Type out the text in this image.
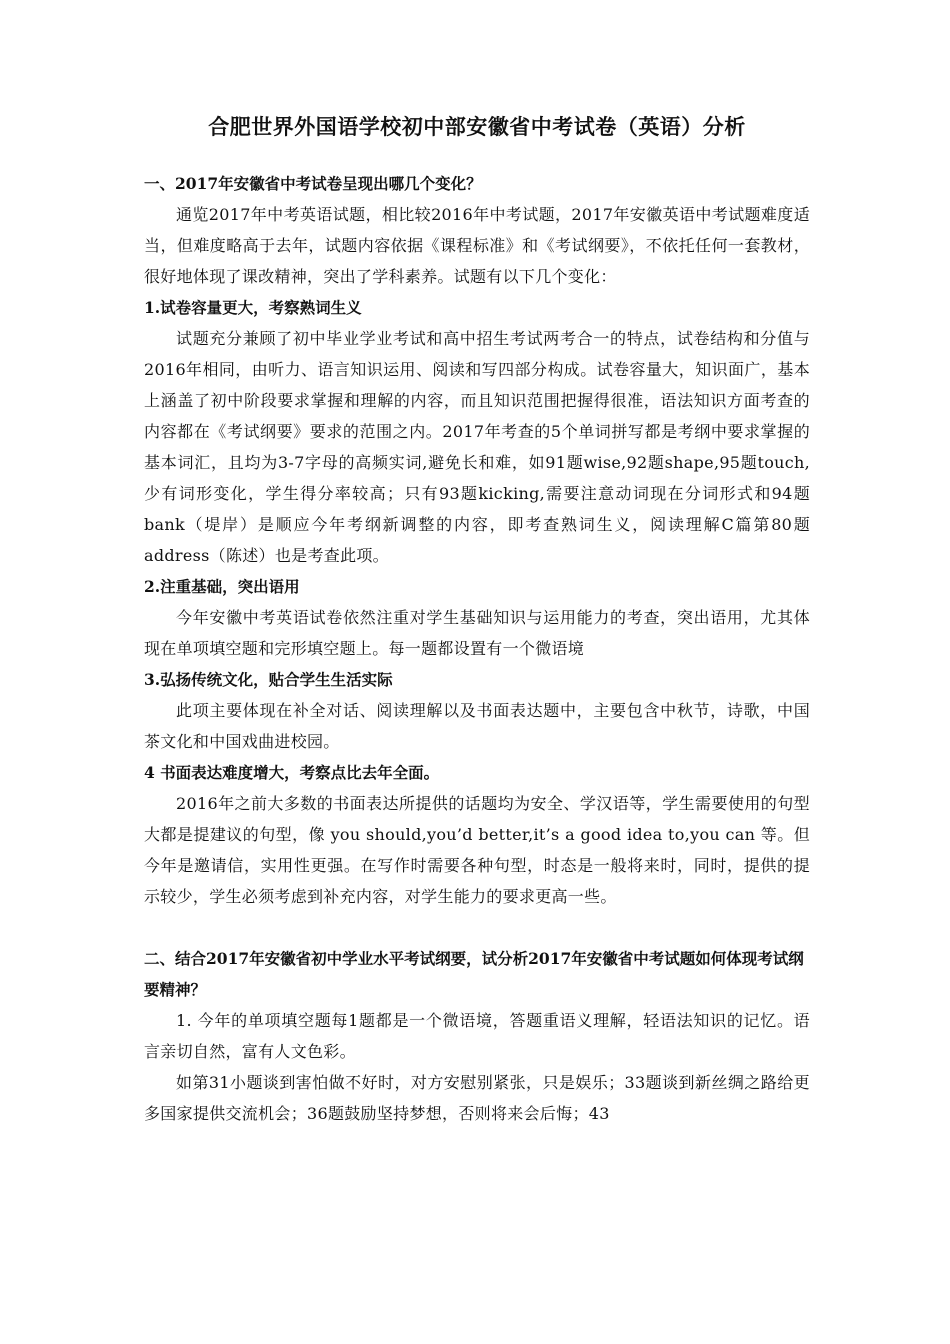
合肥世界外国语学校初中部安徽省中考试卷（英语）分析

一、2017年安徽省中考试卷呈现出哪几个变化？

通览2017年中考英语试题，相比较2016年中考试题，2017年安徽英语中考试题难度适当，但难度略高于去年，试题内容依据《课程标准》和《考试纲要》，不依托任何一套教材，很好地体现了课改精神，突出了学科素养。试题有以下几个变化：

1.试卷容量更大，考察熟词生义

试题充分兼顾了初中毕业学业考试和高中招生考试两考合一的特点，试卷结构和分值与2016年相同，由听力、语言知识运用、阅读和写四部分构成。试卷容量大，知识面广，基本上涵盖了初中阶段要求掌握和理解的内容，而且知识范围把握得很准，语法知识方面考查的内容都在《考试纲要》要求的范围之内。2017年考查的5个单词拼写都是考纲中要求掌握的基本词汇，且均为3-7字母的高频实词,避免长和难，如91题wise,92题shape,95题touch,少有词形变化，学生得分率较高；只有93题kicking,需要注意动词现在分词形式和94题bank（堤岸）是顺应今年考纲新调整的内容，即考查熟词生义，阅读理解C篇第80题address（陈述）也是考查此项。

2.注重基础，突出语用

今年安徽中考英语试卷依然注重对学生基础知识与运用能力的考查，突出语用，尤其体现在单项填空题和完形填空题上。每一题都设置有一个微语境

3.弘扬传统文化，贴合学生生活实际

此项主要体现在补全对话、阅读理解以及书面表达题中，主要包含中秋节，诗歌，中国茶文化和中国戏曲进校园。

4 书面表达难度增大，考察点比去年全面。

2016年之前大多数的书面表达所提供的话题均为安全、学汉语等，学生需要使用的句型大都是提建议的句型，像 you should,you’d better,it’s a good idea to,you can 等。但今年是邀请信，实用性更强。在写作时需要各种句型，时态是一般将来时，同时，提供的提示较少，学生必须考虑到补充内容，对学生能力的要求更高一些。

二、结合2017年安徽省初中学业水平考试纲要，试分析2017年安徽省中考试题如何体现考试纲要精神？

1. 今年的单项填空题每1题都是一个微语境，答题重语义理解，轻语法知识的记忆。语言亲切自然，富有人文色彩。

如第31小题谈到害怕做不好时，对方安慰别紧张，只是娱乐；33题谈到新丝绸之路给更多国家提供交流机会；36题鼓励坚持梦想，否则将来会后悔；43
